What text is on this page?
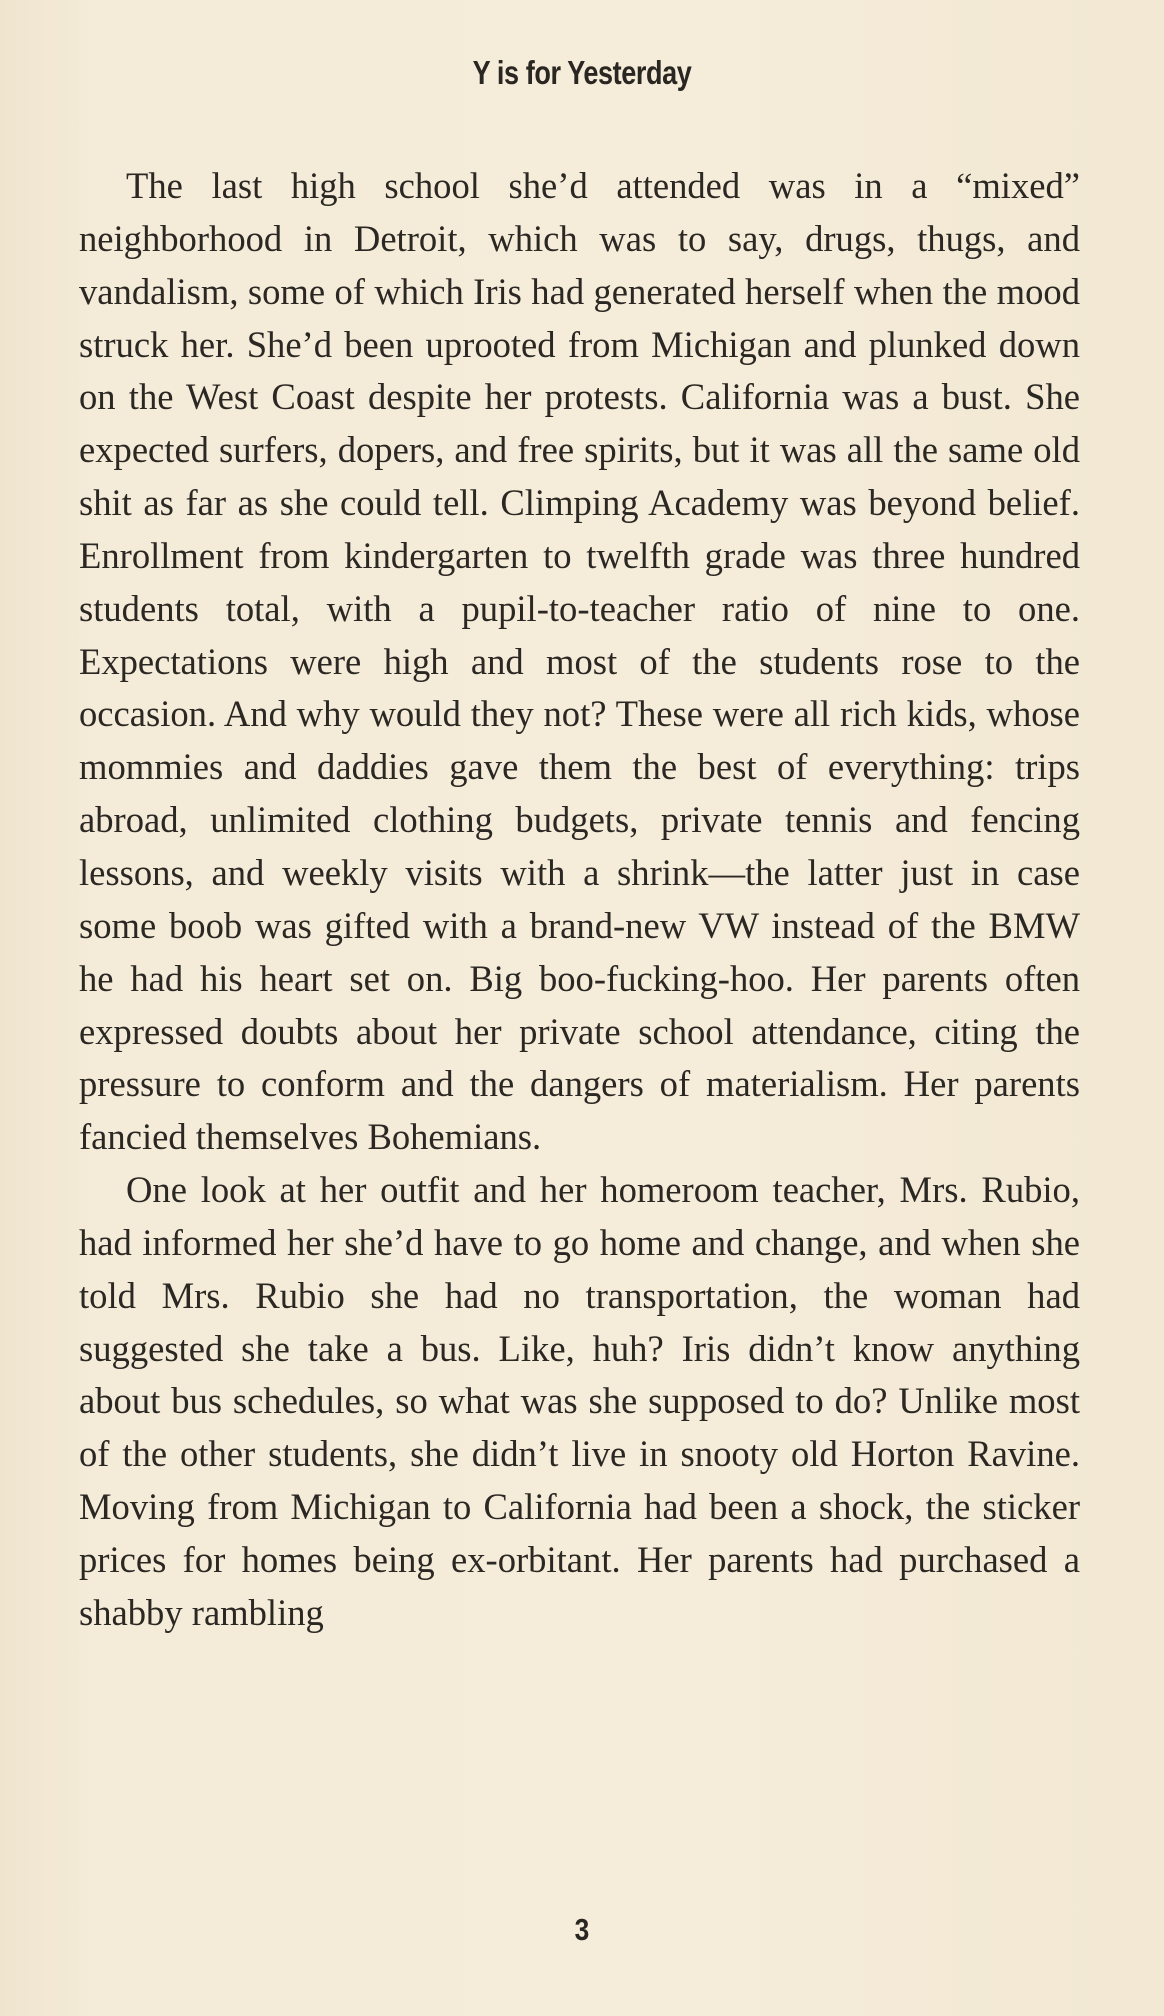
Y is for Yesterday

The last high school she’d attended was in a “mixed” neighborhood in Detroit, which was to say, drugs, thugs, and vandalism, some of which Iris had generated herself when the mood struck her. She’d been uprooted from Michigan and plunked down on the West Coast despite her protests. California was a bust. She expected surfers, dopers, and free spirits, but it was all the same old shit as far as she could tell. Climping Academy was beyond belief. Enrollment from kindergarten to twelfth grade was three hundred students total, with a pupil-to-teacher ratio of nine to one. Expectations were high and most of the students rose to the occasion. And why would they not? These were all rich kids, whose mommies and daddies gave them the best of everything: trips abroad, unlimited clothing budgets, private tennis and fencing lessons, and weekly visits with a shrink—the latter just in case some boob was gifted with a brand-new VW instead of the BMW he had his heart set on. Big boo-fucking-hoo. Her parents often expressed doubts about her private school attendance, citing the pressure to conform and the dangers of materialism. Her parents fancied themselves Bohemians.

One look at her outfit and her homeroom teacher, Mrs. Rubio, had informed her she’d have to go home and change, and when she told Mrs. Rubio she had no transportation, the woman had suggested she take a bus. Like, huh? Iris didn’t know anything about bus schedules, so what was she supposed to do? Unlike most of the other students, she didn’t live in snooty old Horton Ravine. Moving from Michigan to California had been a shock, the sticker prices for homes being ex-orbitant. Her parents had purchased a shabby rambling

3
